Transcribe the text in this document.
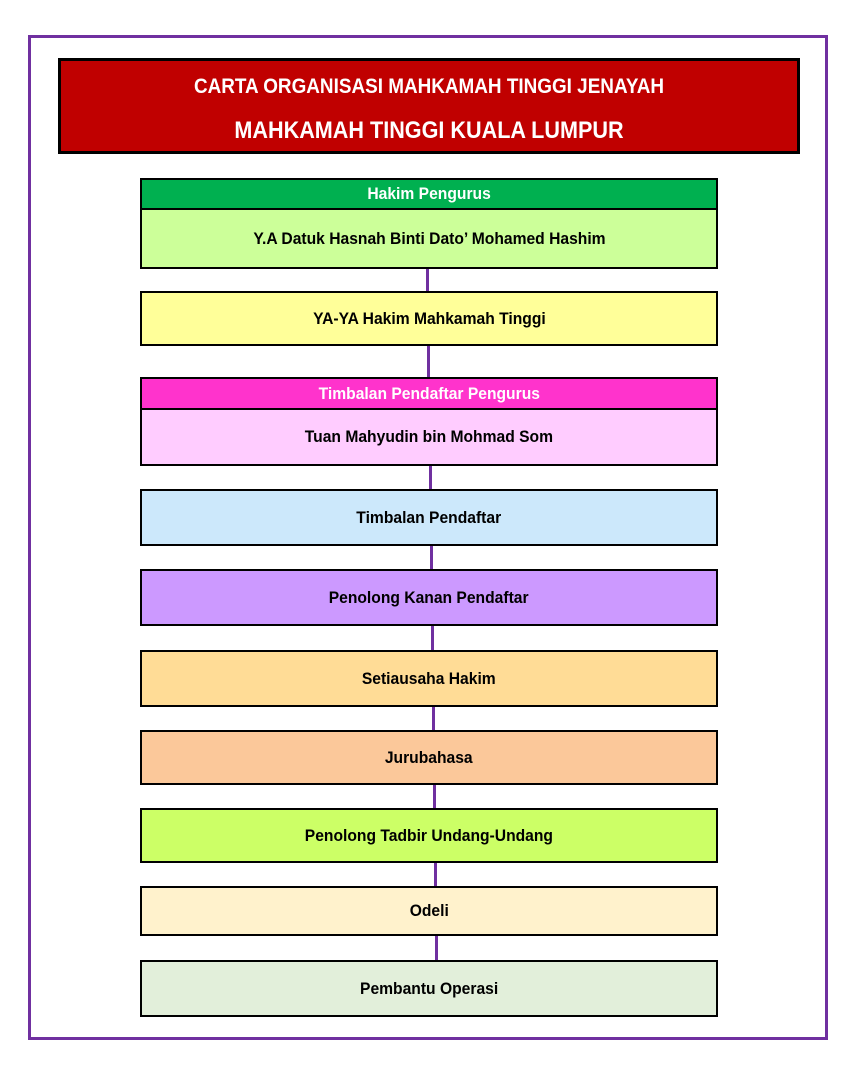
CARTA ORGANISASI MAHKAMAH TINGGI JENAYAH
MAHKAMAH TINGGI KUALA LUMPUR
Hakim Pengurus
Y.A Datuk Hasnah Binti Dato’ Mohamed Hashim
YA-YA Hakim Mahkamah Tinggi
Timbalan Pendaftar Pengurus
Tuan Mahyudin bin Mohmad Som
Timbalan Pendaftar
Penolong Kanan Pendaftar
Setiausaha Hakim
Jurubahasa
Penolong Tadbir Undang-Undang
Odeli
Pembantu Operasi
